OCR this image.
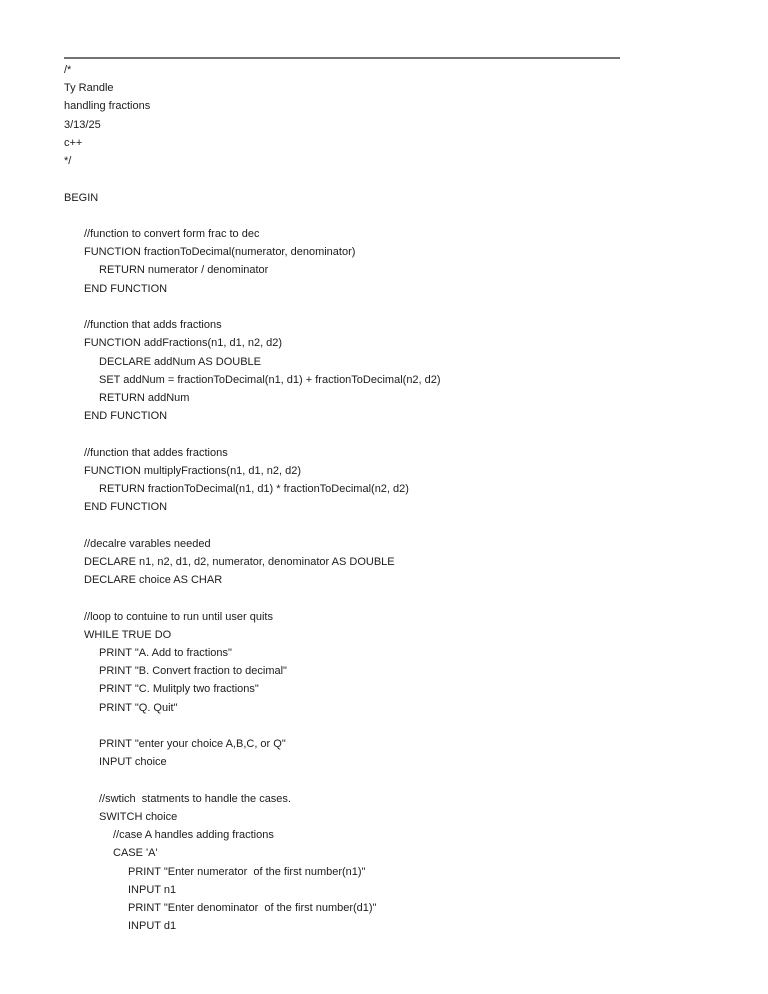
/*
Ty Randle
handling fractions
3/13/25
c++
*/

BEGIN

//function to convert form frac to dec
FUNCTION fractionToDecimal(numerator, denominator)
RETURN numerator / denominator
END FUNCTION

//function that adds fractions
FUNCTION addFractions(n1, d1, n2, d2)
DECLARE addNum AS DOUBLE
SET addNum = fractionToDecimal(n1, d1) + fractionToDecimal(n2, d2)
RETURN addNum
END FUNCTION

//function that addes fractions
FUNCTION multiplyFractions(n1, d1, n2, d2)
RETURN fractionToDecimal(n1, d1) * fractionToDecimal(n2, d2)
END FUNCTION

//decalre varables needed
DECLARE n1, n2, d1, d2, numerator, denominator AS DOUBLE
DECLARE choice AS CHAR

//loop to contuine to run until user quits
WHILE TRUE DO
PRINT "A. Add to fractions"
PRINT "B. Convert fraction to decimal"
PRINT "C. Mulitply two fractions"
PRINT "Q. Quit"

PRINT "enter your choice A,B,C, or Q"
INPUT choice

//swtich  statments to handle the cases.
SWITCH choice
//case A handles adding fractions
CASE 'A'
PRINT "Enter numerator  of the first number(n1)"
INPUT n1
PRINT "Enter denominator  of the first number(d1)"
INPUT d1
